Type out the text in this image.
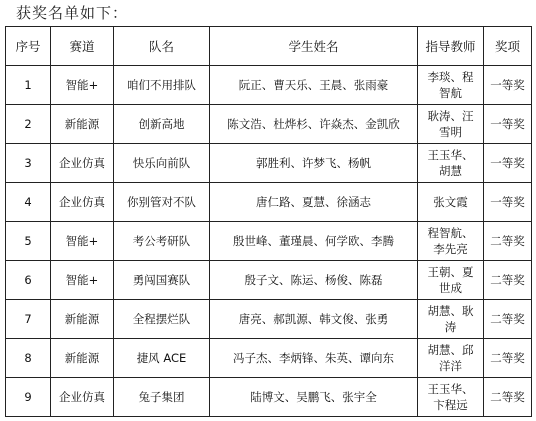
获奖名单如下：
序号	赛道	队名	学生姓名	指导教师	奖项
1	智能+	咱们不用排队	阮正、曹天乐、王晨、张雨豪	李琰、程智航	一等奖
2	新能源	创新高地	陈文浩、杜烨杉、许焱杰、金凯欣	耿涛、汪雪明	一等奖
3	企业仿真	快乐向前队	郭胜利、许梦飞、杨帆	王玉华、胡慧	一等奖
4	企业仿真	你别管对不队	唐仁路、夏慧、徐涵志	张文霞	一等奖
5	智能+	考公考研队	殷世峰、董瑾晨、何学欧、李腾	程智航、李先亮	二等奖
6	智能+	勇闯国赛队	殷子文、陈运、杨俊、陈磊	王朝、夏世成	二等奖
7	新能源	全程摆烂队	唐亮、郝凯源、韩文俊、张勇	胡慧、耿涛	二等奖
8	新能源	捷风 ACE	冯子杰、李炳锋、朱英、谭向东	胡慧、邱洋洋	二等奖
9	企业仿真	兔子集团	陆博文、吴鹏飞、张宇全	王玉华、卞程远	二等奖
